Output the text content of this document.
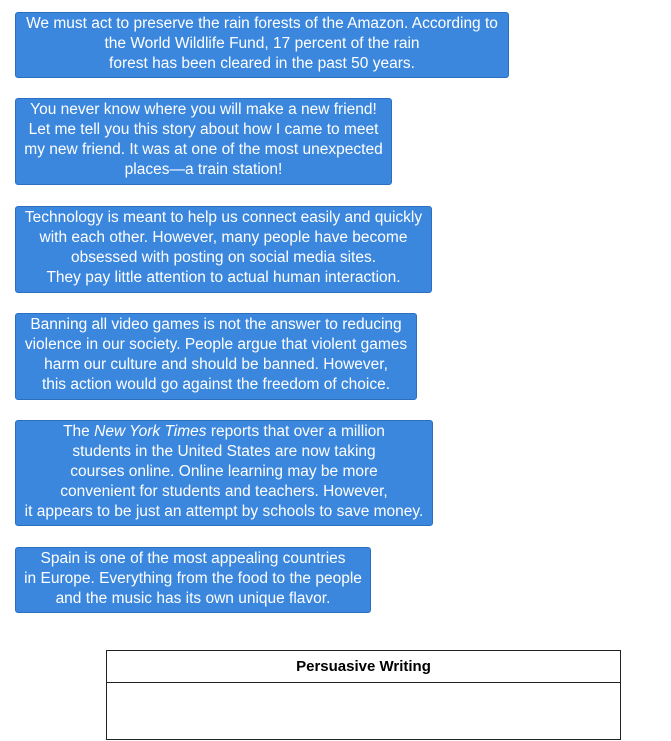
We must act to preserve the rain forests of the Amazon. According to
the World Wildlife Fund, 17 percent of the rain
forest has been cleared in the past 50 years.
You never know where you will make a new friend!
Let me tell you this story about how I came to meet
my new friend. It was at one of the most unexpected
places—a train station!
Technology is meant to help us connect easily and quickly
with each other. However, many people have become
obsessed with posting on social media sites.
They pay little attention to actual human interaction.
Banning all video games is not the answer to reducing
violence in our society. People argue that violent games
harm our culture and should be banned. However,
this action would go against the freedom of choice.
The New York Times reports that over a million
students in the United States are now taking
courses online. Online learning may be more
convenient for students and teachers. However,
it appears to be just an attempt by schools to save money.
Spain is one of the most appealing countries
in Europe. Everything from the food to the people
and the music has its own unique flavor.
Persuasive Writing
